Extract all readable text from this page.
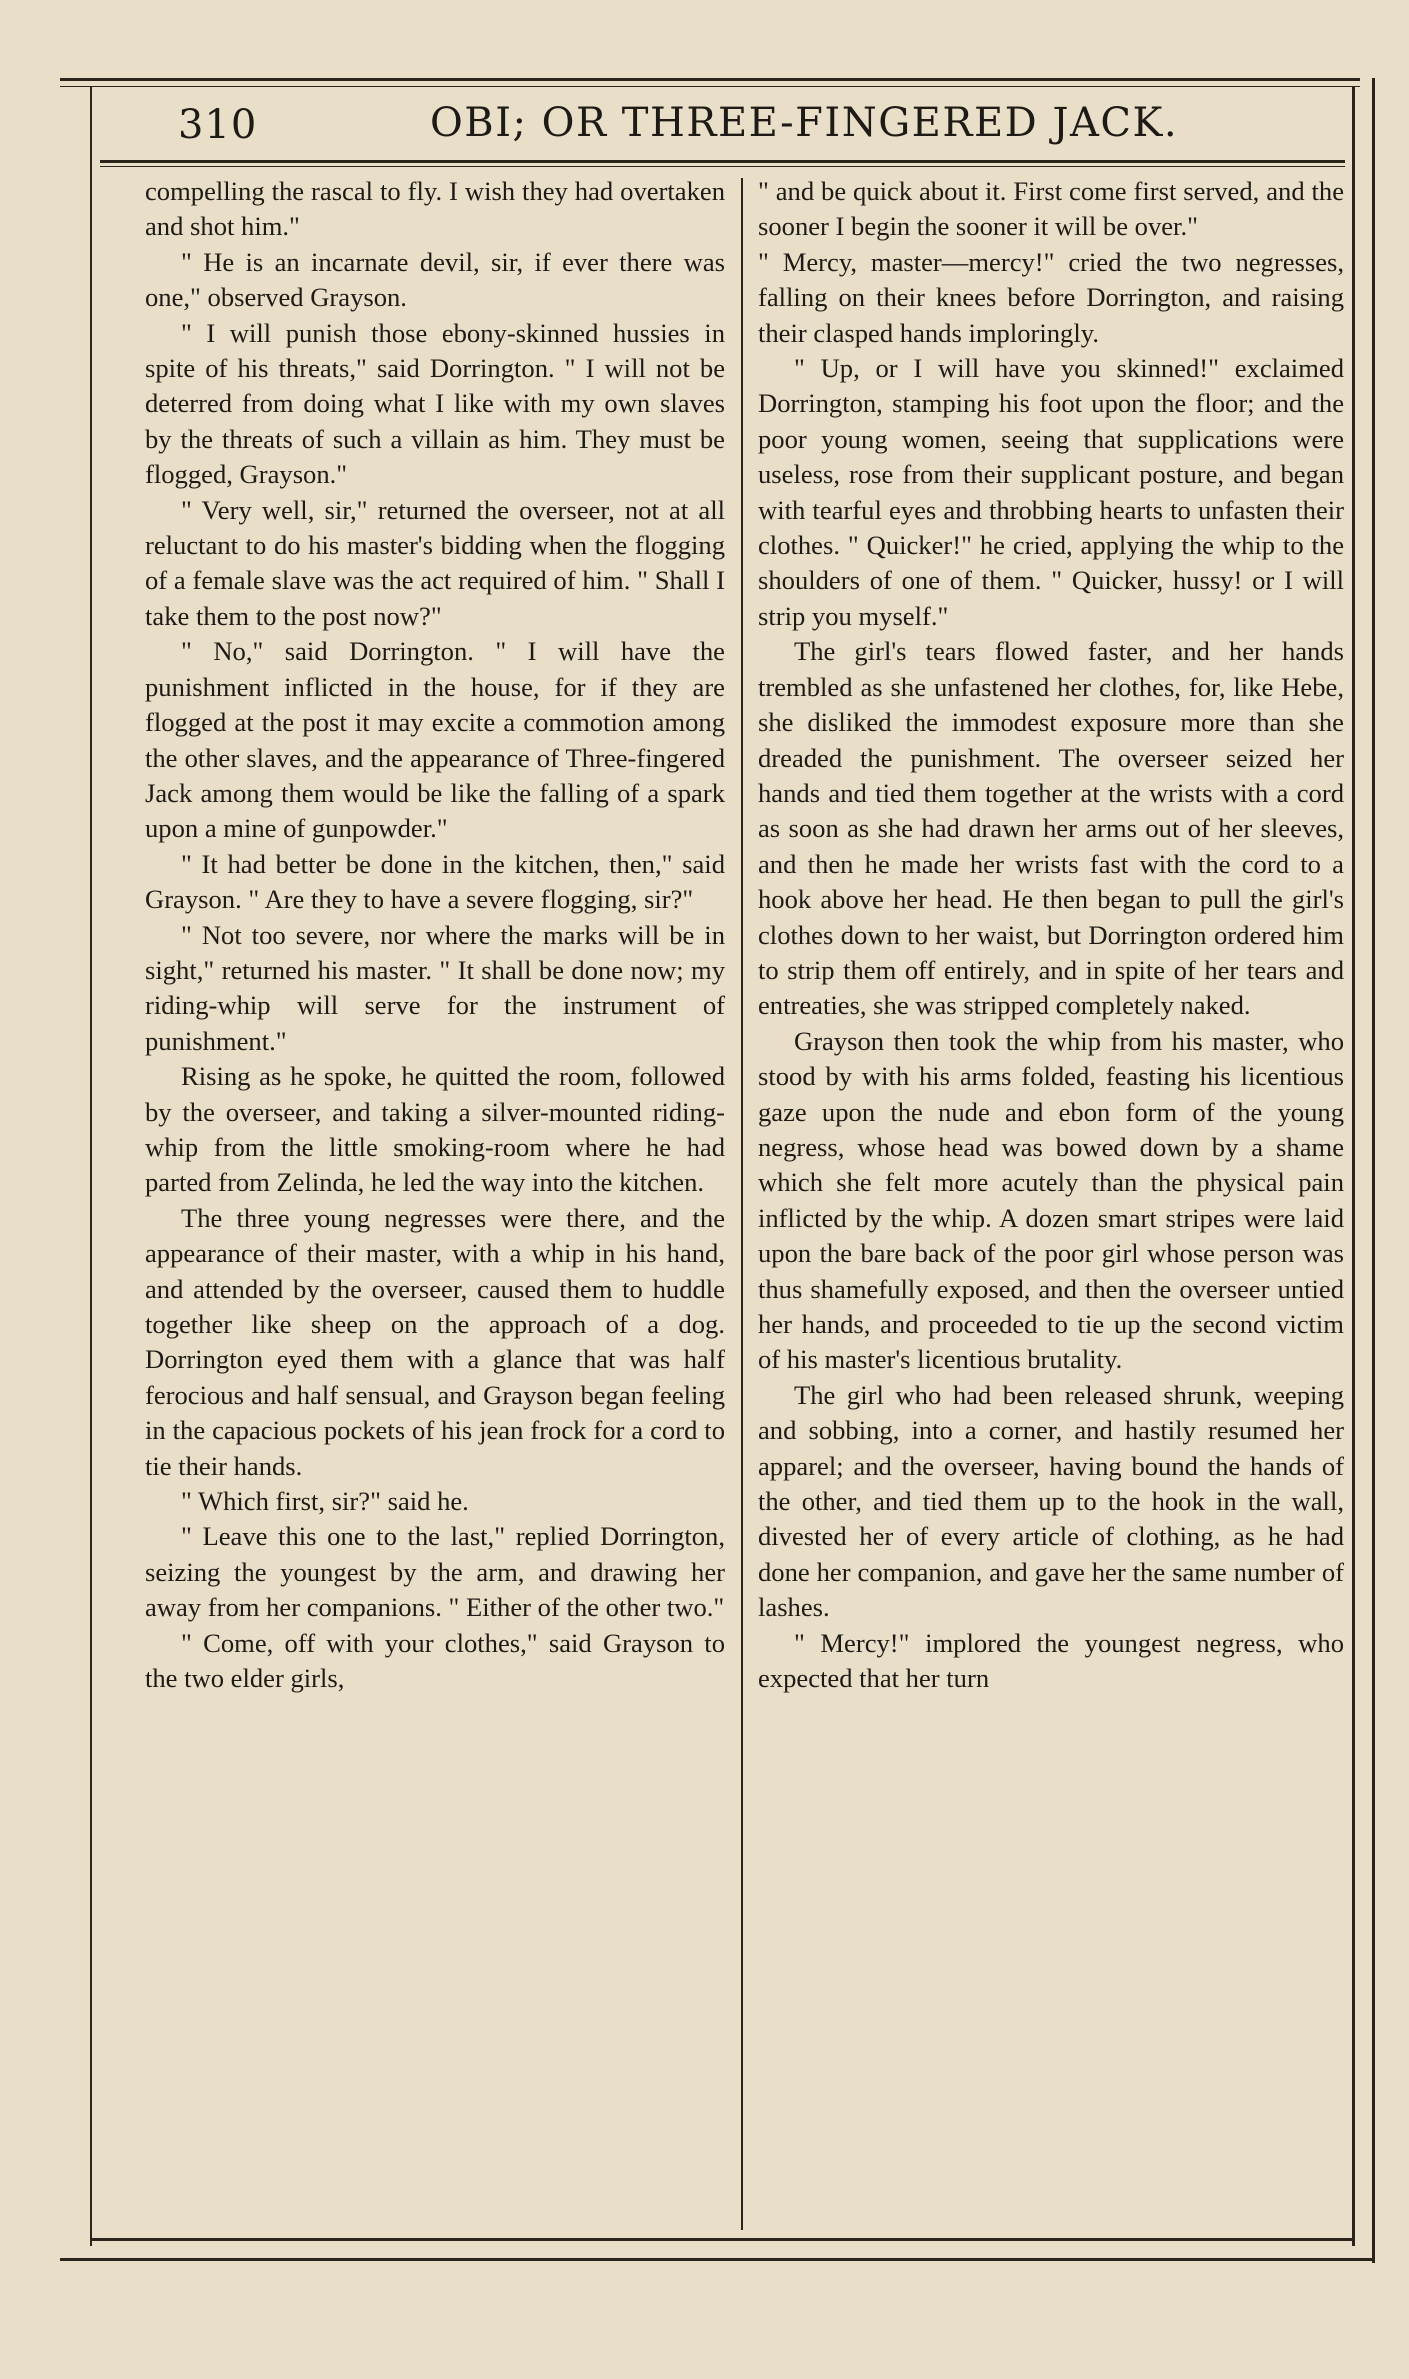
310	OBI; OR THREE-FINGERED JACK.

compelling the rascal to fly. I wish they had overtaken and shot him."

" He is an incarnate devil, sir, if ever there was one," observed Grayson.

" I will punish those ebony-skinned hussies in spite of his threats," said Dorrington. " I will not be deterred from doing what I like with my own slaves by the threats of such a villain as him. They must be flogged, Grayson."

" Very well, sir," returned the overseer, not at all reluctant to do his master's bidding when the flogging of a female slave was the act required of him. " Shall I take them to the post now?"

" No," said Dorrington. " I will have the punishment inflicted in the house, for if they are flogged at the post it may excite a commotion among the other slaves, and the appearance of Three-fingered Jack among them would be like the falling of a spark upon a mine of gunpowder."

" It had better be done in the kitchen, then," said Grayson. " Are they to have a severe flogging, sir?"

" Not too severe, nor where the marks will be in sight," returned his master. " It shall be done now; my riding-whip will serve for the instrument of punishment."

Rising as he spoke, he quitted the room, followed by the overseer, and taking a silver-mounted riding-whip from the little smoking-room where he had parted from Zelinda, he led the way into the kitchen.

The three young negresses were there, and the appearance of their master, with a whip in his hand, and attended by the overseer, caused them to huddle together like sheep on the approach of a dog. Dorrington eyed them with a glance that was half ferocious and half sensual, and Grayson began feeling in the capacious pockets of his jean frock for a cord to tie their hands.

" Which first, sir?" said he.

" Leave this one to the last," replied Dorrington, seizing the youngest by the arm, and drawing her away from her companions. " Either of the other two."

" Come, off with your clothes," said Grayson to the two elder girls,

" and be quick about it. First come first served, and the sooner I begin the sooner it will be over."

" Mercy, master—mercy!" cried the two negresses, falling on their knees before Dorrington, and raising their clasped hands imploringly.

" Up, or I will have you skinned!" exclaimed Dorrington, stamping his foot upon the floor; and the poor young women, seeing that supplications were useless, rose from their supplicant posture, and began with tearful eyes and throbbing hearts to unfasten their clothes. " Quicker!" he cried, applying the whip to the shoulders of one of them. " Quicker, hussy! or I will strip you myself."

The girl's tears flowed faster, and her hands trembled as she unfastened her clothes, for, like Hebe, she disliked the immodest exposure more than she dreaded the punishment. The overseer seized her hands and tied them together at the wrists with a cord as soon as she had drawn her arms out of her sleeves, and then he made her wrists fast with the cord to a hook above her head. He then began to pull the girl's clothes down to her waist, but Dorrington ordered him to strip them off entirely, and in spite of her tears and entreaties, she was stripped completely naked.

Grayson then took the whip from his master, who stood by with his arms folded, feasting his licentious gaze upon the nude and ebon form of the young negress, whose head was bowed down by a shame which she felt more acutely than the physical pain inflicted by the whip. A dozen smart stripes were laid upon the bare back of the poor girl whose person was thus shamefully exposed, and then the overseer untied her hands, and proceeded to tie up the second victim of his master's licentious brutality.

The girl who had been released shrunk, weeping and sobbing, into a corner, and hastily resumed her apparel; and the overseer, having bound the hands of the other, and tied them up to the hook in the wall, divested her of every article of clothing, as he had done her companion, and gave her the same number of lashes.

" Mercy!" implored the youngest negress, who expected that her turn
